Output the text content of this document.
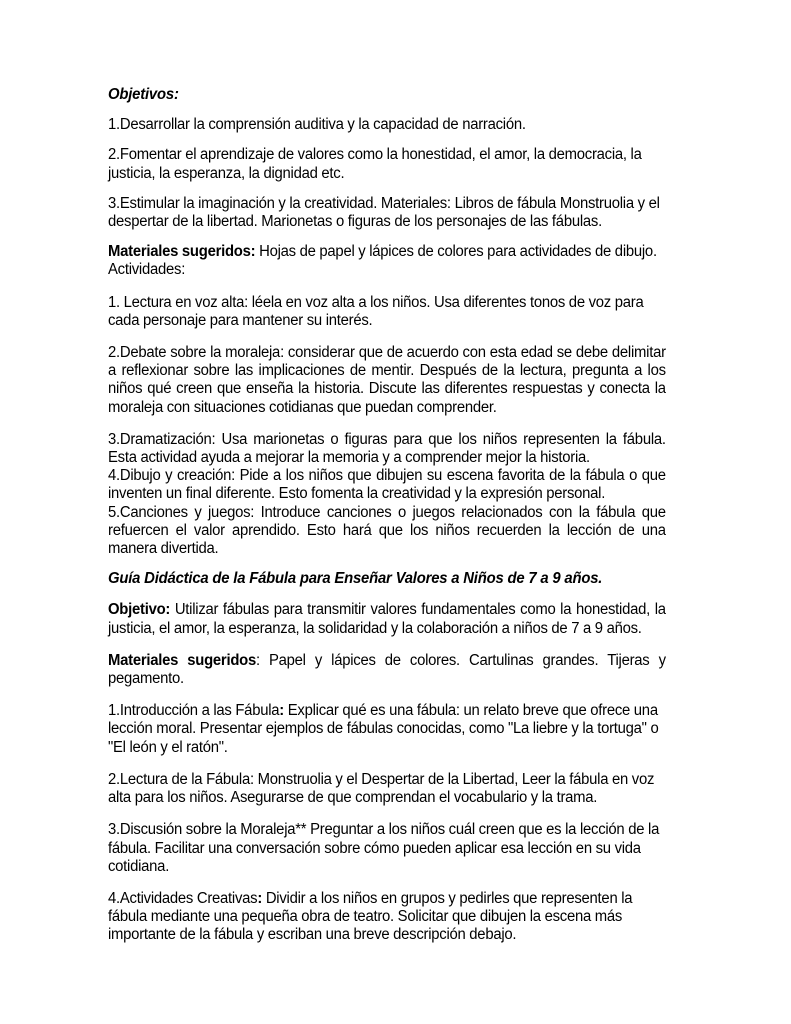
Objetivos:

1.Desarrollar la comprensión auditiva y la capacidad de narración.

2.Fomentar el aprendizaje de valores como la honestidad, el amor, la democracia, la justicia, la esperanza, la dignidad etc.

3.Estimular la imaginación y la creatividad. Materiales: Libros de fábula Monstruolia y el despertar de la libertad. Marionetas o figuras de los personajes de las fábulas.

Materiales sugeridos: Hojas de papel y lápices de colores para actividades de dibujo. Actividades:

1. Lectura en voz alta: léela en voz alta a los niños. Usa diferentes tonos de voz para cada personaje para mantener su interés.

2.Debate sobre la moraleja: considerar que de acuerdo con esta edad se debe delimitar a reflexionar sobre las implicaciones de mentir. Después de la lectura, pregunta a los niños qué creen que enseña la historia. Discute las diferentes respuestas y conecta la moraleja con situaciones cotidianas que puedan comprender.

3.Dramatización: Usa marionetas o figuras para que los niños representen la fábula. Esta actividad ayuda a mejorar la memoria y a comprender mejor la historia.

4.Dibujo y creación: Pide a los niños que dibujen su escena favorita de la fábula o que inventen un final diferente. Esto fomenta la creatividad y la expresión personal.

5.Canciones y juegos: Introduce canciones o juegos relacionados con la fábula que refuercen el valor aprendido. Esto hará que los niños recuerden la lección de una manera divertida.

Guía Didáctica de la Fábula para Enseñar Valores a Niños de 7 a 9 años.

Objetivo: Utilizar fábulas para transmitir valores fundamentales como la honestidad, la justicia, el amor, la esperanza, la solidaridad y la colaboración a niños de 7 a 9 años.

Materiales sugeridos: Papel y lápices de colores. Cartulinas grandes. Tijeras y pegamento.

1.Introducción a las Fábula: Explicar qué es una fábula: un relato breve que ofrece una lección moral. Presentar ejemplos de fábulas conocidas, como "La liebre y la tortuga" o "El león y el ratón".

2.Lectura de la Fábula: Monstruolia y el Despertar de la Libertad, Leer la fábula en voz alta para los niños. Asegurarse de que comprendan el vocabulario y la trama.

3.Discusión sobre la Moraleja** Preguntar a los niños cuál creen que es la lección de la fábula. Facilitar una conversación sobre cómo pueden aplicar esa lección en su vida cotidiana.

4.Actividades Creativas: Dividir a los niños en grupos y pedirles que representen la fábula mediante una pequeña obra de teatro. Solicitar que dibujen la escena más importante de la fábula y escriban una breve descripción debajo.
